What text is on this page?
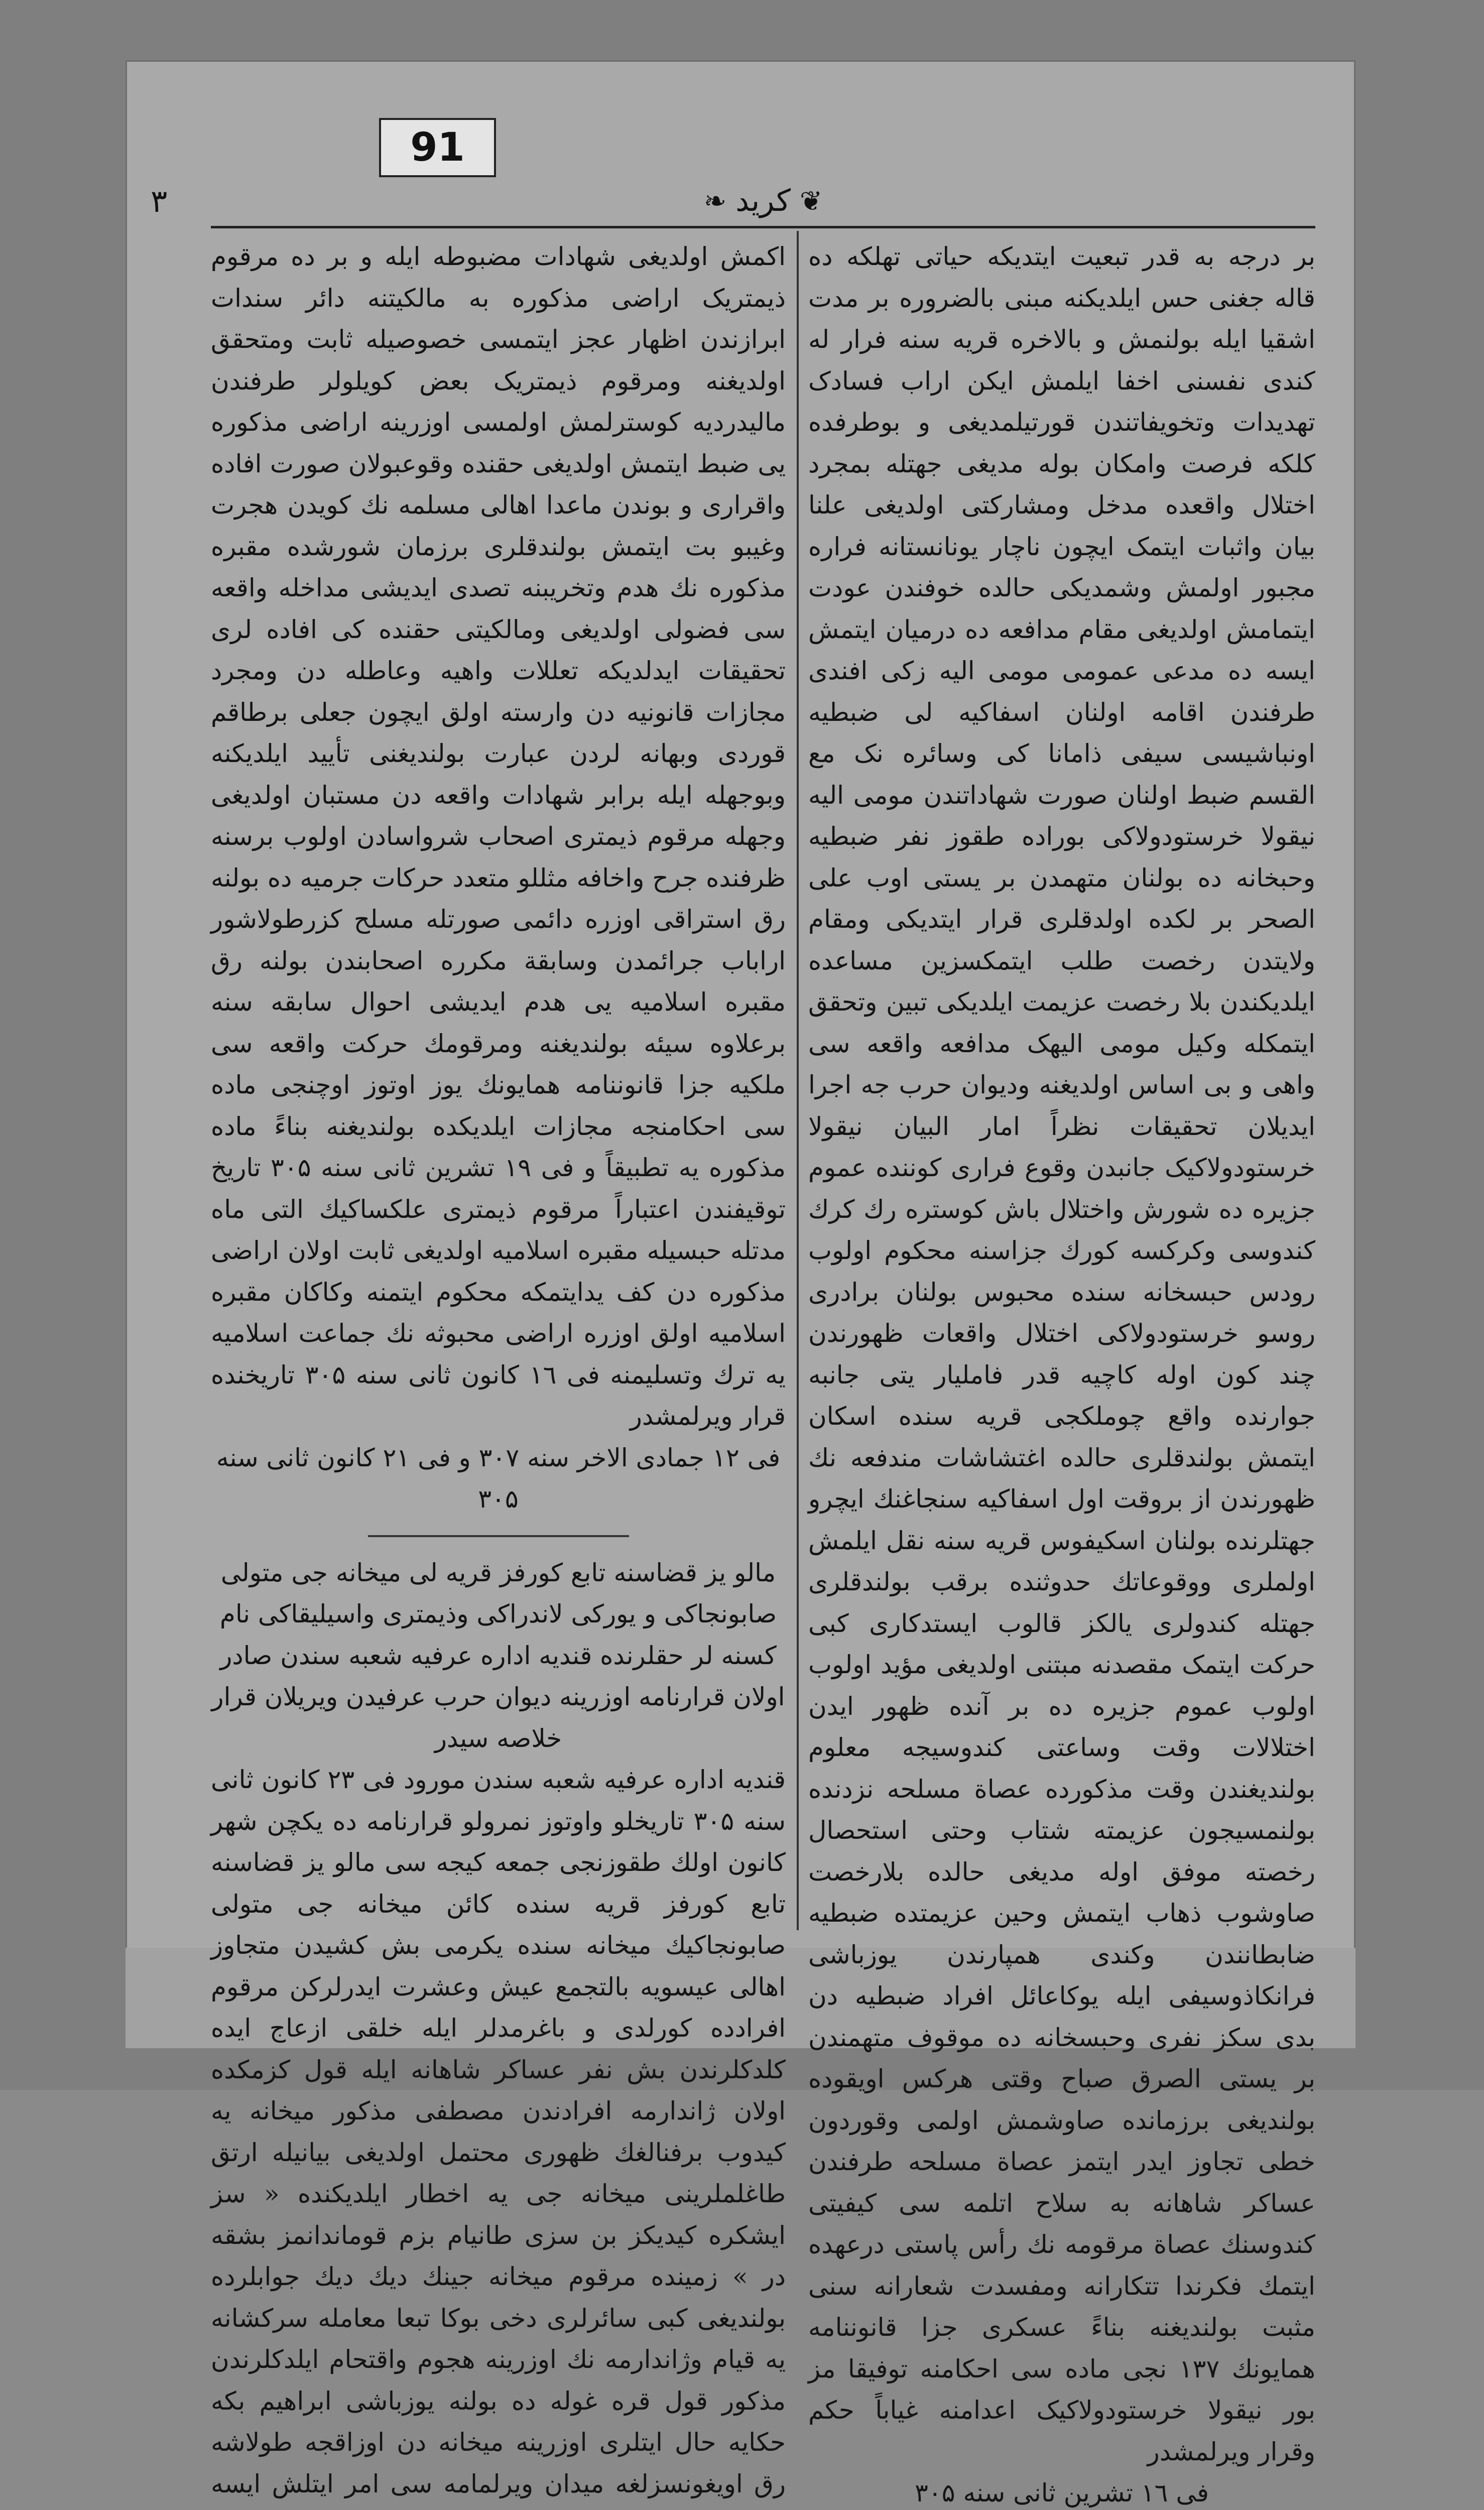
91
٣	❦
کرید
❧

بر درجه به قدر تبعیت ایتدیکه حیاتی تهلکه ده قاله جغنی حس ایلدیکنه مبنی بالضروره بر مدت اشقیا ایله بولنمش و بالاخره قریه سنه فرار له کندی نفسنی اخفا ایلمش ایکن اراب فسادک تهدیدات وتخویفاتندن قورتیلمدیغی و بوطرفده کلکه فرصت وامکان بوله مدیغی جهتله بمجرد اختلال واقعده مدخل ومشارکتی اولدیغی علنا بیان واثبات ایتمک ایچون ناچار یونانستانه فراره مجبور اولمش وشمدیکی حالده خوفندن عودت ایتمامش اولدیغی مقام مدافعه ده درمیان ایتمش ایسه ده مدعی عمومی مومی الیه زکی افندی طرفندن اقامه اولنان اسفاکیه لی ضبطیه اونباشیسی سیفی ذامانا کی وسائره نک مع القسم ضبط اولنان صورت شهاداتندن مومی الیه نیقولا خرستودولاکی بوراده طقوز نفر ضبطیه وحبخانه ده بولنان متهمدن بر یستی اوب علی الصحر بر لکده اولدقلری قرار ایتدیکی ومقام ولایتدن رخصت طلب ایتمکسزین مساعده ایلدیکندن بلا رخصت عزیمت ایلدیکی تبین وتحقق ایتمکله وکیل مومی الیهک مدافعه واقعه سی واهی و بی اساس اولدیغنه ودیوان حرب جه اجرا ایدیلان تحقیقات نظراً امار البیان نیقولا خرستودولاکیک جانبدن وقوع فراری کوننده عموم جزیره ده شورش واختلال باش کوستره رك کرك کندوسی وکرکسه کورك جزاسنه محکوم اولوب رودس حبسخانه سنده محبوس بولنان برادری روسو خرستودولاکی اختلال واقعات ظهورندن چند کون اوله کاچیه قدر فاملیار یتی جانبه جوارنده واقع چوملکجی قریه سنده اسکان ایتمش بولندقلری حالده اغتشاشات مندفعه نك ظهورندن از بروقت اول اسفاکیه سنجاغنك ایچرو جهتلرنده بولنان اسکیفوس قریه سنه نقل ایلمش اولملری ووقوعاتك حدوثنده برقب بولندقلری جهتله کندولری یالکز قالوب ایستدکاری کبی حرکت ایتمک مقصدنه مبتنی اولدیغی مؤید اولوب اولوب عموم جزیره ده بر آنده ظهور ایدن اختلالات وقت وساعتی کندوسیجه معلوم بولندیغندن وقت مذکورده عصاة مسلحه نزدنده بولنمسیجون عزیمته شتاب وحتی استحصال رخصته موفق اوله مدیغی حالده بلارخصت صاوشوب ذهاب ایتمش وحین عزیمتده ضبطیه ضابطانندن وکندی همپارندن یوزباشی فرانکاذوسیفی ایله یوکاعائل افراد ضبطیه دن بدی سکز نفری وحبسخانه ده موقوف متهمندن بر یستی الصرق صباح وقتی هرکس اویقوده بولندیغی برزمانده صاوشمش اولمی وقوردون خطی تجاوز ایدر ایتمز عصاة مسلحه طرفندن عساکر شاهانه به سلاح اتلمه سی کیفیتی کندوسنك عصاة مرقومه نك رأس پاستی درعهده ایتمك فکرندا تتکارانه ومفسدت شعارانه سنی مثبت بولندیغنه بناءً عسکری جزا قانوننامه همایونك ۱۳۷ نجی ماده سی احکامنه توفیقا مز بور نیقولا خرستودولاکیک اعدامنه غیاباً حکم وقرار ویرلمشدر

فی ۱٦ تشرین ثانی سنه ۳۰۵

اکمش اولدیغی شهادات مضبوطه ایله و بر ده مرقوم ذیمتریک اراضی مذکوره به مالکیتنه دائر سندات ابرازندن اظهار عجز ایتمسی خصوصیله ثابت ومتحقق اولدیغنه ومرقوم ذیمتریک بعض کویلولر طرفندن مالیدردیه کوسترلمش اولمسی اوزرینه اراضی مذکوره یی ضبط ایتمش اولدیغی حقنده وقوعبولان صورت افاده واقراری و بوندن ماعدا اهالی مسلمه نك کویدن هجرت وغیبو بت ایتمش بولندقلری برزمان شورشده مقبره مذکوره نك هدم وتخریبنه تصدی ایدیشی مداخله واقعه سی فضولی اولدیغی ومالکیتی حقنده کی افاده لری تحقیقات ایدلدیکه تعللات واهیه وعاطله دن ومجرد مجازات قانونیه دن وارسته اولق ایچون جعلی برطاقم قوردی وبهانه لردن عبارت بولندیغنی تأیید ایلدیکنه وبوجهله ایله برابر شهادات واقعه دن مستبان اولدیغی وجهله مرقوم ذیمتری اصحاب شرواسادن اولوب برسنه ظرفنده جرح واخافه مثللو متعدد حرکات جرمیه ده بولنه رق استراقی اوزره دائمی صورتله مسلح کزرطولاشور اراباب جرائمدن وسابقة مکرره اصحابندن بولنه رق مقبره اسلامیه یی هدم ایدیشی احوال سابقه سنه برعلاوه سیئه بولندیغنه ومرقومك حرکت واقعه سی ملکیه جزا قانوننامه همایونك یوز اوتوز اوچنجی ماده سی احکامنجه مجازات ایلدیکده بولندیغنه بناءً ماده مذکوره یه تطبیقاً و فی ۱۹ تشرین ثانی سنه ۳۰۵ تاریخ توقیفندن اعتباراً مرقوم ذیمتری علکساکیك التی ماه مدتله حبسیله مقبره اسلامیه اولدیغی ثابت اولان اراضی مذکوره دن کف یدایتمکه محکوم ایتمنه وکاکان مقبره اسلامیه اولق اوزره اراضی محبوثه نك جماعت اسلامیه یه ترك وتسلیمنه فی ۱٦ کانون ثانی سنه ۳۰۵ تاریخنده قرار ویرلمشدر

فی ۱۲ جمادی الاخر سنه ۳۰۷ و فی ۲۱ کانون ثانی سنه ۳۰۵

مالو یز قضاسنه تابع کورفز قریه لی میخانه جی متولی صابونجاکی و یورکی لاندراکی وذیمتری واسیلیقاکی نام کسنه لر حقلرنده قندیه اداره عرفیه شعبه سندن صادر اولان قرارنامه اوزرینه دیوان حرب عرفیدن ویریلان قرار خلاصه سیدر

قندیه اداره عرفیه شعبه سندن مورود فی ۲۳ کانون ثانی سنه ۳۰۵ تاریخلو واوتوز نمرولو قرارنامه ده یکچن شهر کانون اولك طقوزنجی جمعه کیجه سی مالو یز قضاسنه تابع کورفز قریه سنده کائن میخانه جی متولی صابونجاکیك میخانه سنده یکرمی بش کشیدن متجاوز اهالی عیسویه بالتجمع عیش وعشرت ایدرلرکن مرقوم افرادده کورلدی و باغرمدلر ایله خلقی ازعاج ایده کلدکلرندن بش نفر عساکر شاهانه ایله قول کزمکده اولان ژاندارمه افرادندن مصطفی مذکور میخانه یه کیدوب برفنالغك ظهوری محتمل اولدیغی بیانیله ارتق طاغلملرینی میخانه جی یه اخطار ایلدیکنده « سز ایشکره کیدیکز بن سزی طانیام بزم قوماندانمز بشقه در » زمینده مرقوم میخانه جینك دیك دیك جوابلرده بولندیغی کبی سائرلری دخی بوکا تبعا معامله سرکشانه یه قیام وژاندارمه نك اوزرینه هجوم واقتحام ایلدکلرندن مذکور قول قره غوله ده بولنه یوزباشی ابراهیم بکه حکایه حال ایتلری اوزرینه میخانه دن اوزاقجه طولاشه رق اویغونسزلغه میدان ویرلمامه سی امر ایتلش ایسه
